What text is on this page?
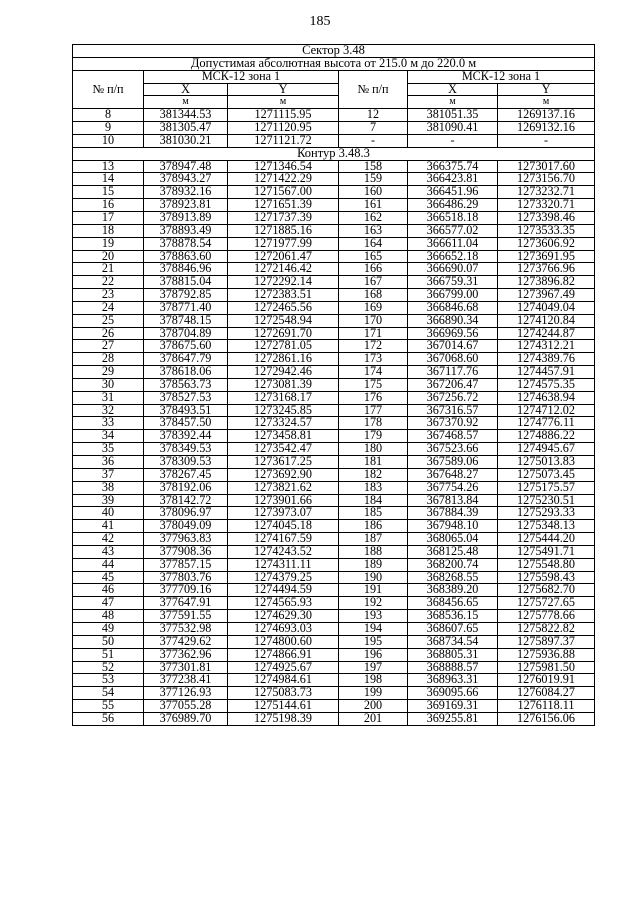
185
Сектор 3.48					
Допустимая абсолютная высота от 215.0 м до 220.0 м					
№ п/п	МСК-12 зона 1		№ п/п	МСК-12 зона 1	
	X	Y		X	Y
	м	м		м	м
8	381344.53	1271115.95	12	381051.35	1269137.16
9	381305.47	1271120.95	7	381090.41	1269132.16
10	381030.21	1271121.72	-	-	-
Контур 3.48.3					
13	378947.48	1271346.54	158	366375.74	1273017.60
14	378943.27	1271422.29	159	366423.81	1273156.70
15	378932.16	1271567.00	160	366451.96	1273232.71
16	378923.81	1271651.39	161	366486.29	1273320.71
17	378913.89	1271737.39	162	366518.18	1273398.46
18	378893.49	1271885.16	163	366577.02	1273533.35
19	378878.54	1271977.99	164	366611.04	1273606.92
20	378863.60	1272061.47	165	366652.18	1273691.95
21	378846.96	1272146.42	166	366690.07	1273766.96
22	378815.04	1272292.14	167	366759.31	1273896.82
23	378792.85	1272383.51	168	366799.00	1273967.49
24	378771.40	1272465.56	169	366846.68	1274049.04
25	378748.15	1272548.94	170	366890.34	1274120.84
26	378704.89	1272691.70	171	366969.56	1274244.87
27	378675.60	1272781.05	172	367014.67	1274312.21
28	378647.79	1272861.16	173	367068.60	1274389.76
29	378618.06	1272942.46	174	367117.76	1274457.91
30	378563.73	1273081.39	175	367206.47	1274575.35
31	378527.53	1273168.17	176	367256.72	1274638.94
32	378493.51	1273245.85	177	367316.57	1274712.02
33	378457.50	1273324.57	178	367370.92	1274776.11
34	378392.44	1273458.81	179	367468.57	1274886.22
35	378349.53	1273542.47	180	367523.66	1274945.67
36	378309.53	1273617.25	181	367589.06	1275013.83
37	378267.45	1273692.90	182	367648.27	1275073.45
38	378192.06	1273821.62	183	367754.26	1275175.57
39	378142.72	1273901.66	184	367813.84	1275230.51
40	378096.97	1273973.07	185	367884.39	1275293.33
41	378049.09	1274045.18	186	367948.10	1275348.13
42	377963.83	1274167.59	187	368065.04	1275444.20
43	377908.36	1274243.52	188	368125.48	1275491.71
44	377857.15	1274311.11	189	368200.74	1275548.80
45	377803.76	1274379.25	190	368268.55	1275598.43
46	377709.16	1274494.59	191	368389.20	1275682.70
47	377647.91	1274565.93	192	368456.65	1275727.65
48	377591.55	1274629.30	193	368536.15	1275778.66
49	377532.98	1274693.03	194	368607.65	1275822.82
50	377429.62	1274800.60	195	368734.54	1275897.37
51	377362.96	1274866.91	196	368805.31	1275936.88
52	377301.81	1274925.67	197	368888.57	1275981.50
53	377238.41	1274984.61	198	368963.31	1276019.91
54	377126.93	1275083.73	199	369095.66	1276084.27
55	377055.28	1275144.61	200	369169.31	1276118.11
56	376989.70	1275198.39	201	369255.81	1276156.06
